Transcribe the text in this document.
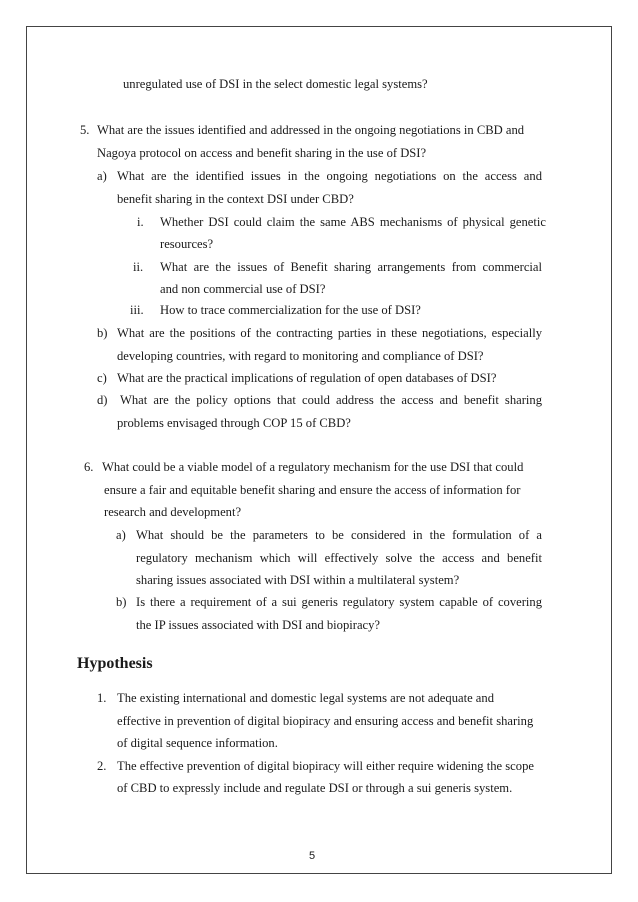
unregulated use of DSI in the select domestic legal systems?
5. What are the issues identified and addressed in the ongoing negotiations in CBD and
Nagoya protocol on access and benefit sharing in the use of DSI?
a) What are the identified issues in the ongoing negotiations on the access and
benefit sharing in the context DSI under CBD?
i. Whether DSI could claim the same ABS mechanisms of physical genetic
resources?
ii. What are the issues of Benefit sharing arrangements from commercial
and non commercial use of DSI?
iii. How to trace commercialization for the use of DSI?
b) What are the positions of the contracting parties in these negotiations, especially
developing countries, with regard to monitoring and compliance of DSI?
c) What are the practical implications of regulation of open databases of DSI?
d) What are the policy options that could address the access and benefit sharing
problems envisaged through COP 15 of CBD?
6. What could be a viable model of a regulatory mechanism for the use DSI that could
ensure a fair and equitable benefit sharing and ensure the access of information for
research and development?
a) What should be the parameters to be considered in the formulation of a
regulatory mechanism which will effectively solve the access and benefit
sharing issues associated with DSI within a multilateral system?
b) Is there a requirement of a sui generis regulatory system capable of covering
the IP issues associated with DSI and biopiracy?
Hypothesis
1. The existing international and domestic legal systems are not adequate and
effective in prevention of digital biopiracy and ensuring access and benefit sharing
of digital sequence information.
2. The effective prevention of digital biopiracy will either require widening the scope
of CBD to expressly include and regulate DSI or through a sui generis system.
5
